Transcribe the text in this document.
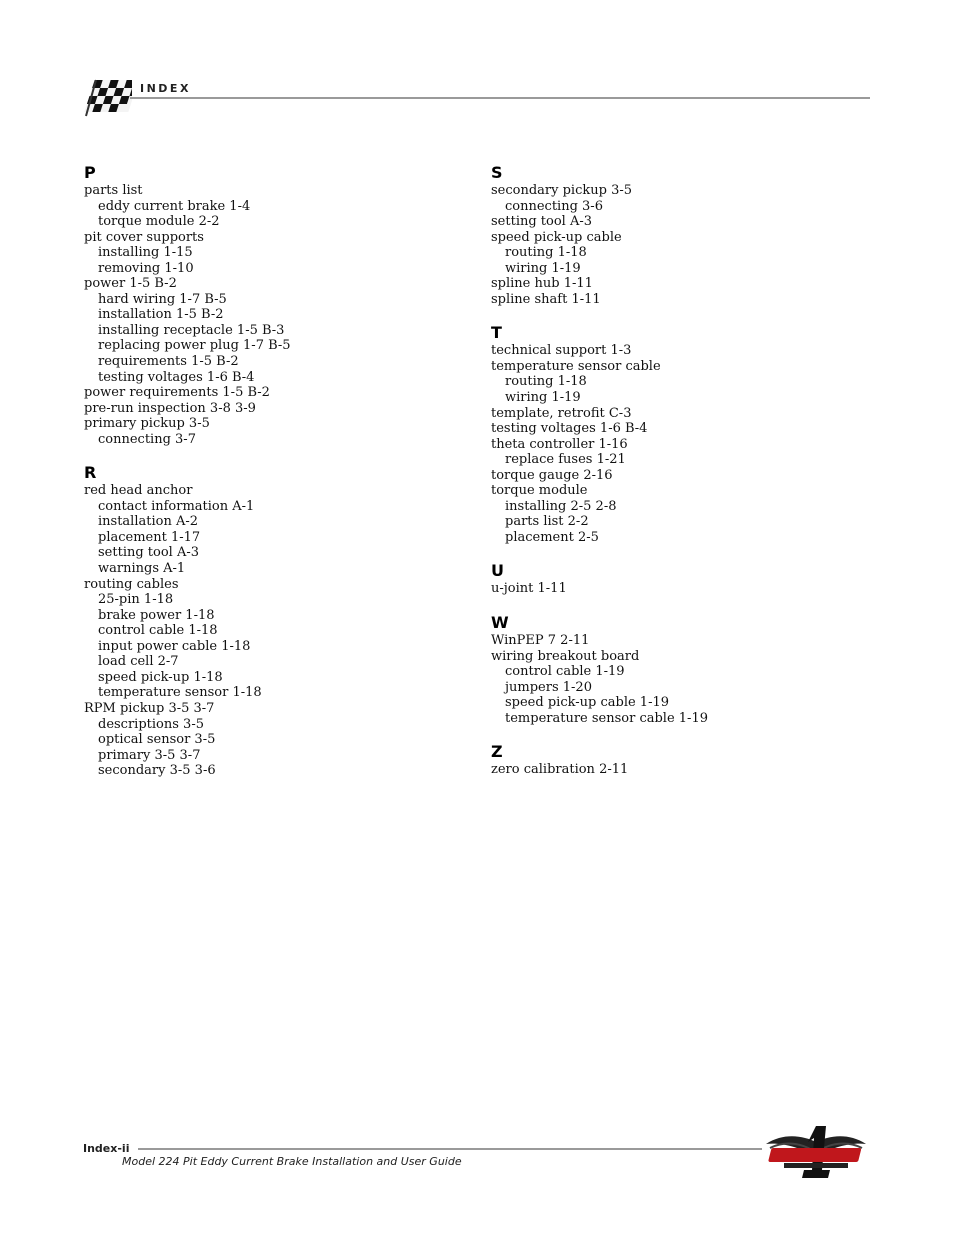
INDEX
P
parts list
eddy current brake 1-4
torque module 2-2
pit cover supports
installing 1-15
removing 1-10
power 1-5 B-2
hard wiring 1-7 B-5
installation 1-5 B-2
installing receptacle 1-5 B-3
replacing power plug 1-7 B-5
requirements 1-5 B-2
testing voltages 1-6 B-4
power requirements 1-5 B-2
pre-run inspection 3-8 3-9
primary pickup 3-5
connecting 3-7
R
red head anchor
contact information A-1
installation A-2
placement 1-17
setting tool A-3
warnings A-1
routing cables
25-pin 1-18
brake power 1-18
control cable 1-18
input power cable 1-18
load cell 2-7
speed pick-up 1-18
temperature sensor 1-18
RPM pickup 3-5 3-7
descriptions 3-5
optical sensor 3-5
primary 3-5 3-7
secondary 3-5 3-6
S
secondary pickup 3-5
connecting 3-6
setting tool A-3
speed pick-up cable
routing 1-18
wiring 1-19
spline hub 1-11
spline shaft 1-11
T
technical support 1-3
temperature sensor cable
routing 1-18
wiring 1-19
template, retrofit C-3
testing voltages 1-6 B-4
theta controller 1-16
replace fuses 1-21
torque gauge 2-16
torque module
installing 2-5 2-8
parts list 2-2
placement 2-5
U
u-joint 1-11
W
WinPEP 7 2-11
wiring breakout board
control cable 1-19
jumpers 1-20
speed pick-up cable 1-19
temperature sensor cable 1-19
Z
zero calibration 2-11
Index-ii
Model 224 Pit Eddy Current Brake Installation and User Guide
